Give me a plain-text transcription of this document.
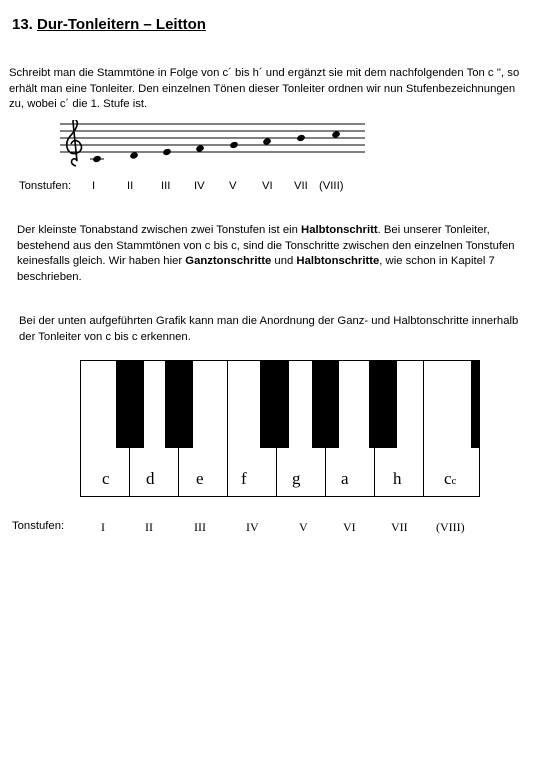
13. Dur-Tonleitern – Leitton
Schreibt man die Stammtöne in Folge von c´ bis h´ und ergänzt sie mit dem nachfolgenden Ton c '', so erhält man eine Tonleiter. Den einzelnen Tönen dieser Tonleiter ordnen wir nun Stufenbezeichnungen zu, wobei c´ die 1. Stufe ist.
Tonstufen: I	II III IV V VI VII (VIII)
Der kleinste Tonabstand zwischen zwei Tonstufen ist ein Halbtonschritt. Bei unserer Tonleiter, bestehend aus den Stammtönen von c bis c, sind die Tonschritte zwischen den einzelnen Tonstufen keinesfalls gleich. Wir haben hier Ganztonschritte und Halbtonschritte, wie schon in Kapitel 7 beschrieben.
Bei der unten aufgeführten Grafik kann man die Anordnung der Ganz- und Halbtonschritte innerhalb der Tonleiter von c bis c erkennen.
c d e f	g a	h	cc
Tonstufen:	I	II	III	IV	V	VI	VII (VIII)
